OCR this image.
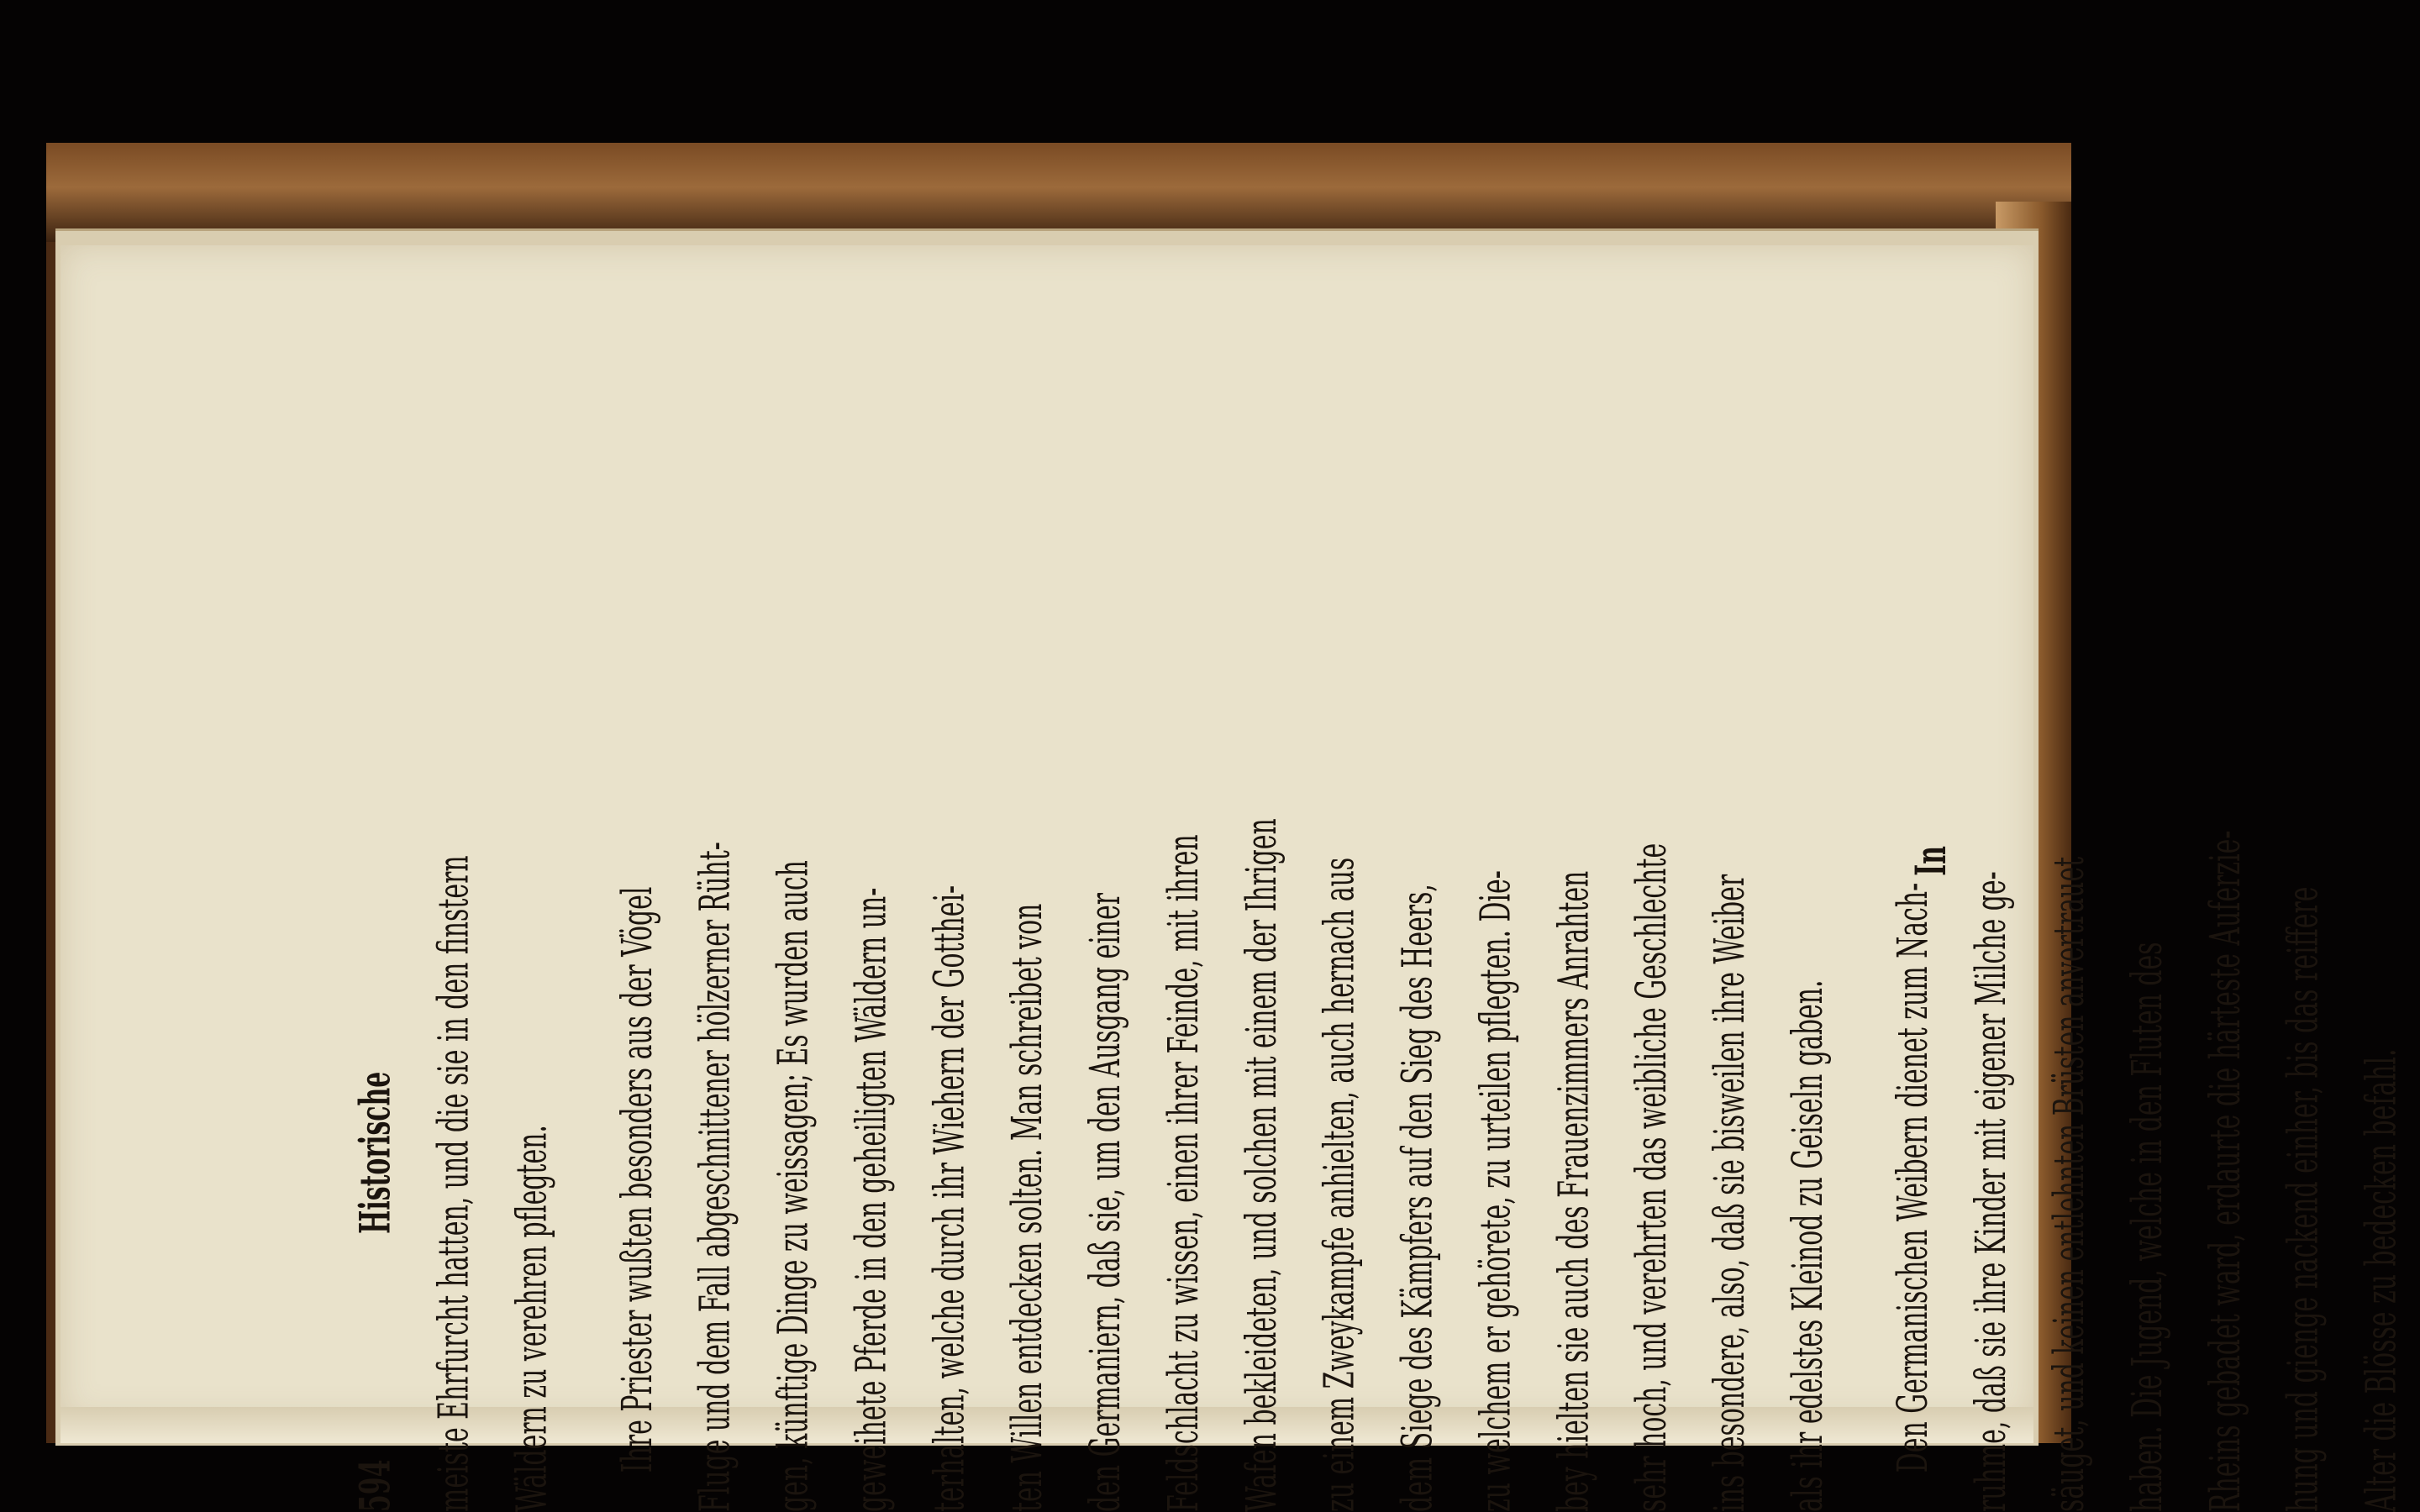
594
Historische meiste Ehrfurcht hatten, und die sie in den finstern Wäldern zu verehren pflegten.	Ihre Priester wußten besonders aus der Vögel Fluge und dem Fall abgeschnittener hölzerner Rüht- gen, künftige Dinge zu weissagen; Es wurden auch geweihete Pferde in den geheiligten Wäldern un- terhalten, welche durch ihr Wiehern der Gotthei- ten Willen entdecken solten. Man schreibet von den Germaniern, daß sie, um den Ausgang einer Feldschlacht zu wissen, einen ihrer Feinde, mit ihren Wafen bekleideten, und solchen mit einem der Ihrigen zu einem Zweykampfe anhielten, auch hernach aus dem Siege des Kämpfers auf den Sieg des Heers, zu welchem er gehörete, zu urteilen pflegten. Die- bey hielten sie auch des Frauenzimmers Anrahten sehr hoch, und verehrten das weibliche Geschlechte ins besondere, also, daß sie bisweilen ihre Weiber als ihr edelstes Kleinod zu Geiseln gaben.	Den Germanischen Weibern dienet zum Nach- ruhme, daß sie ihre Kinder mit eigener Milche ge- säuget, und keinen entlehnten Brüsten anvertrauet haben. Die Jugend, welche in den Fluten des Rheins gebadet ward, erdaurte die härteste Auferzie- hung und gienge nackend einher, bis das reiffere Alter die Blösse zu bedecken befahl.

In
